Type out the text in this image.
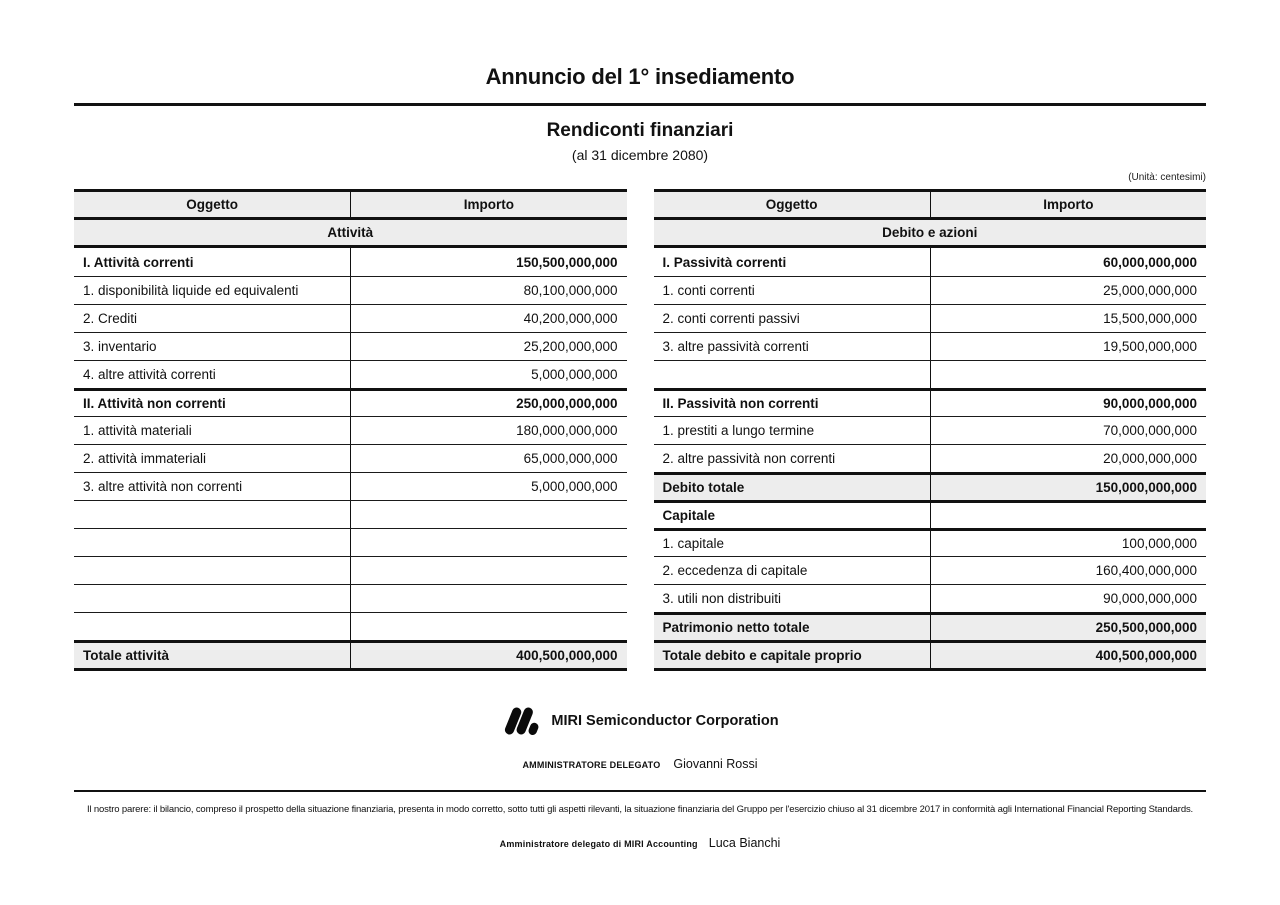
Annuncio del 1° insediamento
Rendiconti finanziari
(al 31 dicembre 2080)
(Unità: centesimi)
Oggetto	Importo
Attività
I. Attività correnti	150,500,000,000
1. disponibilità liquide ed equivalenti	80,100,000,000
2. Crediti	40,200,000,000
3. inventario	25,200,000,000
4. altre attività correnti	5,000,000,000
II. Attività non correnti	250,000,000,000
1. attività materiali	180,000,000,000
2. attività immateriali	65,000,000,000
3. altre attività non correnti	5,000,000,000
Totale attività	400,500,000,000
Oggetto	Importo
Debito e azioni
I. Passività correnti	60,000,000,000
1. conti correnti	25,000,000,000
2. conti correnti passivi	15,500,000,000
3. altre passività correnti	19,500,000,000
II. Passività non correnti	90,000,000,000
1. prestiti a lungo termine	70,000,000,000
2. altre passività non correnti	20,000,000,000
Debito totale	150,000,000,000
Capitale
1. capitale	100,000,000
2. eccedenza di capitale	160,400,000,000
3. utili non distribuiti	90,000,000,000
Patrimonio netto totale	250,500,000,000
Totale debito e capitale proprio	400,500,000,000
MIRI Semiconductor Corporation
AMMINISTRATORE DELEGATO Giovanni Rossi
Il nostro parere: il bilancio, compreso il prospetto della situazione finanziaria, presenta in modo corretto, sotto tutti gli aspetti rilevanti, la situazione finanziaria del Gruppo per l'esercizio chiuso al 31 dicembre 2017 in conformità agli International Financial Reporting Standards.
Amministratore delegato di MIRI Accounting Luca Bianchi
